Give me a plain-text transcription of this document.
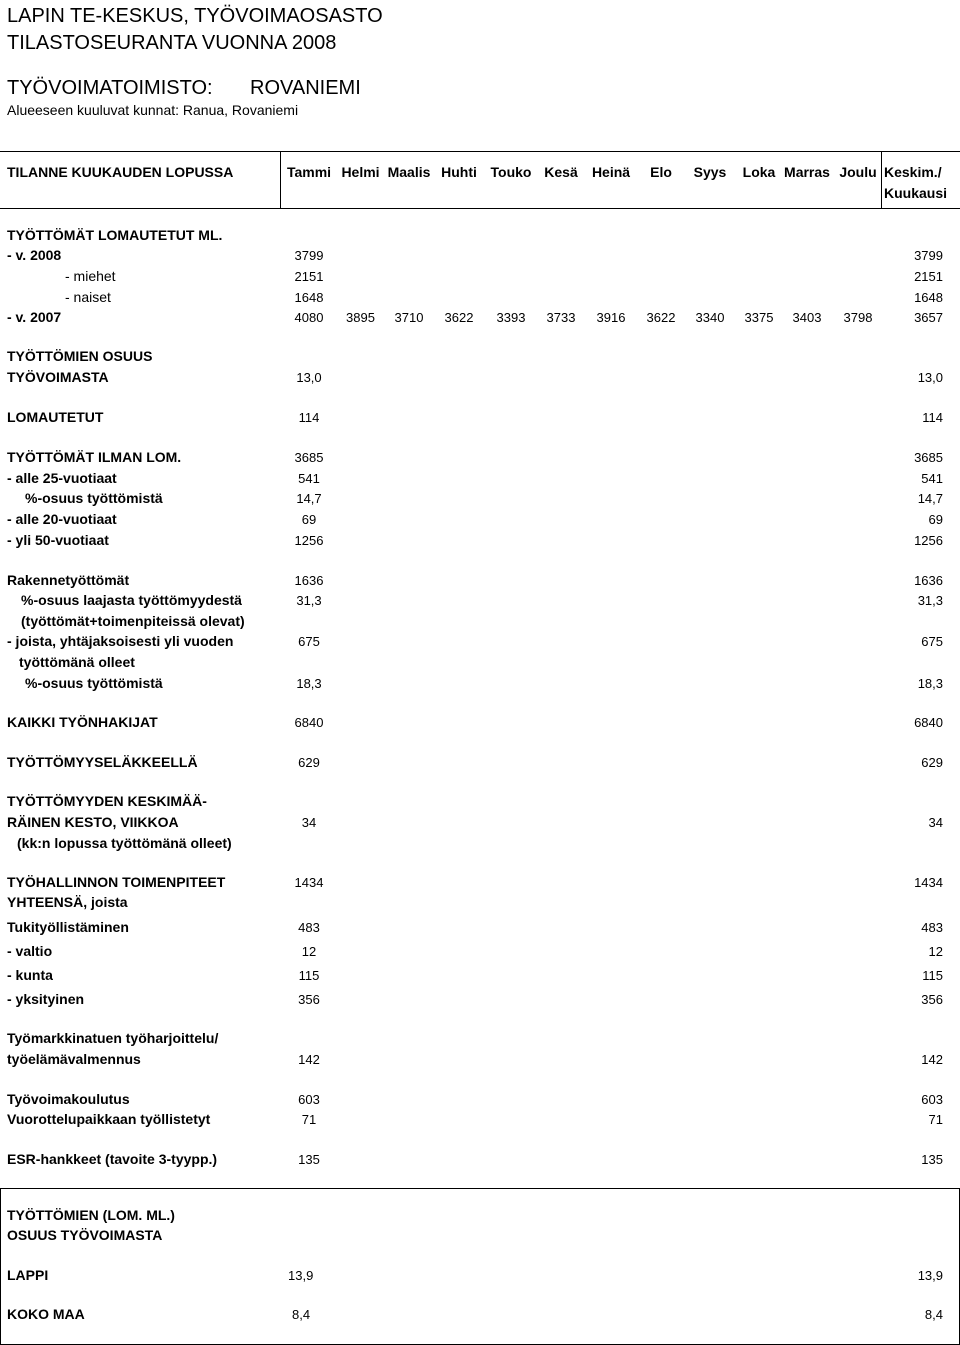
LAPIN TE-KESKUS, TYÖVOIMAOSASTO
TILASTOSEURANTA VUONNA 2008
TYÖVOIMATOIMISTO: ROVANIEMI
Alueeseen kuuluvat kunnat: Ranua, Rovaniemi
TILANNE KUUKAUDEN LOPUSSA	Tammi Helmi Maalis Huhti Touko Kesä	Heinä	Elo	Syys	Loka Marras Joulu Keskim./
Kuukausi
TYÖTTÖMÄT LOMAUTETUT ML.
- v. 2008	3799	3799
- miehet	2151	2151
- naiset	1648	1648
- v. 2007	4080	3895	3710	3622	3393	3733	3916	3622	3340	3375	3403	3798	3657
TYÖTTÖMIEN OSUUS
TYÖVOIMASTA	13,0	13,0
LOMAUTETUT	114	114
TYÖTTÖMÄT ILMAN LOM.	3685	3685
- alle 25-vuotiaat	541	541
%-osuus työttömistä	14,7	14,7
- alle 20-vuotiaat	69	69
- yli 50-vuotiaat	1256	1256
Rakennetyöttömät	1636	1636
%-osuus laajasta työttömyydestä	31,3	31,3
(työttömät+toimenpiteissä olevat)
- joista, yhtäjaksoisesti yli vuoden	675	675
työttömänä olleet
%-osuus työttömistä	18,3	18,3
KAIKKI TYÖNHAKIJAT	6840	6840
TYÖTTÖMYYSELÄKKEELLÄ	629	629
TYÖTTÖMYYDEN KESKIMÄÄ-
RÄINEN KESTO, VIIKKOA	34	34
(kk:n lopussa työttömänä olleet)
TYÖHALLINNON TOIMENPITEET	1434	1434
YHTEENSÄ, joista
Tukityöllistäminen	483	483
- valtio	12	12
- kunta	115	115
- yksityinen	356	356
Työmarkkinatuen työharjoittelu/
työelämävalmennus	142	142
Työvoimakoulutus	603	603
Vuorottelupaikkaan työllistetyt	71	71
ESR-hankkeet (tavoite 3-tyypp.)	135	135
TYÖTTÖMIEN (LOM. ML.)
OSUUS TYÖVOIMASTA
LAPPI	13,9	13,9
KOKO MAA	8,4	8,4
